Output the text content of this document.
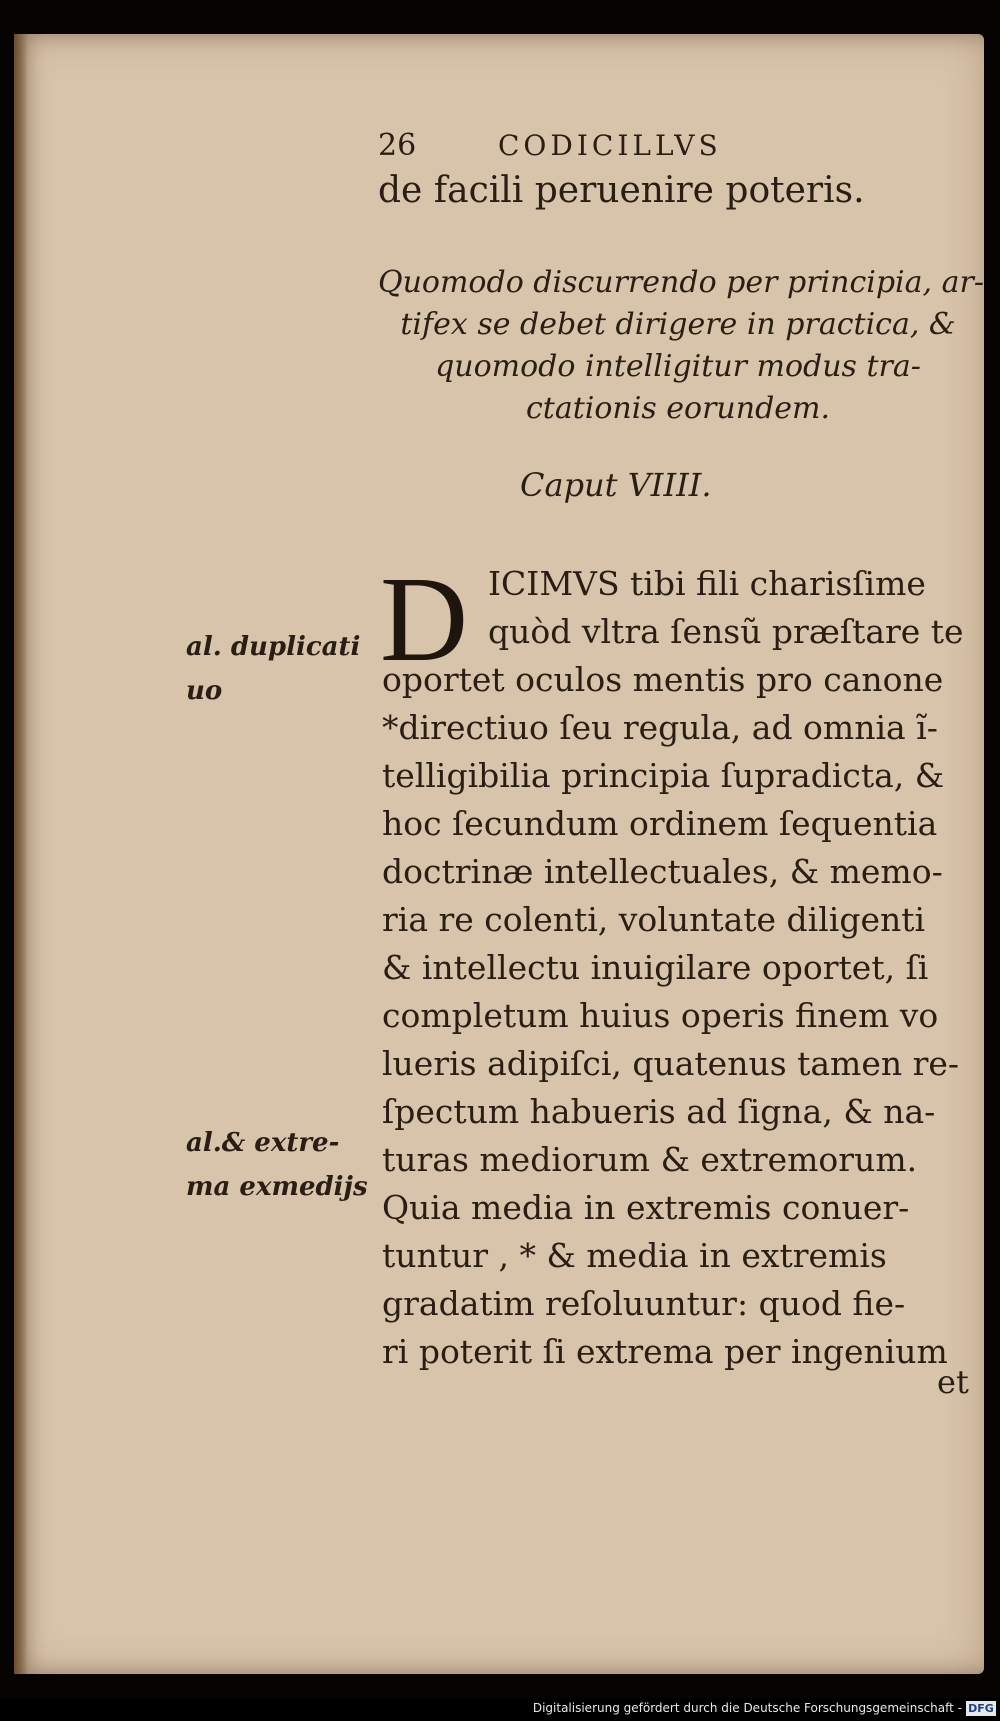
26	CODICILLVS
de facili peruenire poteris.
Quomodo discurrendo per principia, ar-
tifex se debet dirigere in practica, &
quomodo intelligitur modus tra-
ctationis eorundem.
Caput VIIII.
D ICIMVS tibi fili charisſime
quòd vltra ſensũ præſtare te
oportet oculos mentis pro canone
*directiuo ſeu regula, ad omnia ĩ-
telligibilia principia ſupradicta, &
hoc ſecundum ordinem ſequentia
doctrinæ intellectuales, & memo-
ria re colenti, voluntate diligenti
& intellectu inuigilare oportet, ſi
completum huius operis finem vo
lueris adipiſci, quatenus tamen re-
ſpectum habueris ad ſigna, & na-
turas mediorum & extremorum.
Quia media in extremis conuer-
tuntur , * & media in extremis
gradatim reſoluuntur: quod fie-
ri poterit ſi extrema per ingenium
et
al. duplicati
uo
al.& extre-
ma exmedijs
Digitalisierung gefördert durch die Deutsche Forschungsgemeinschaft - DFG
